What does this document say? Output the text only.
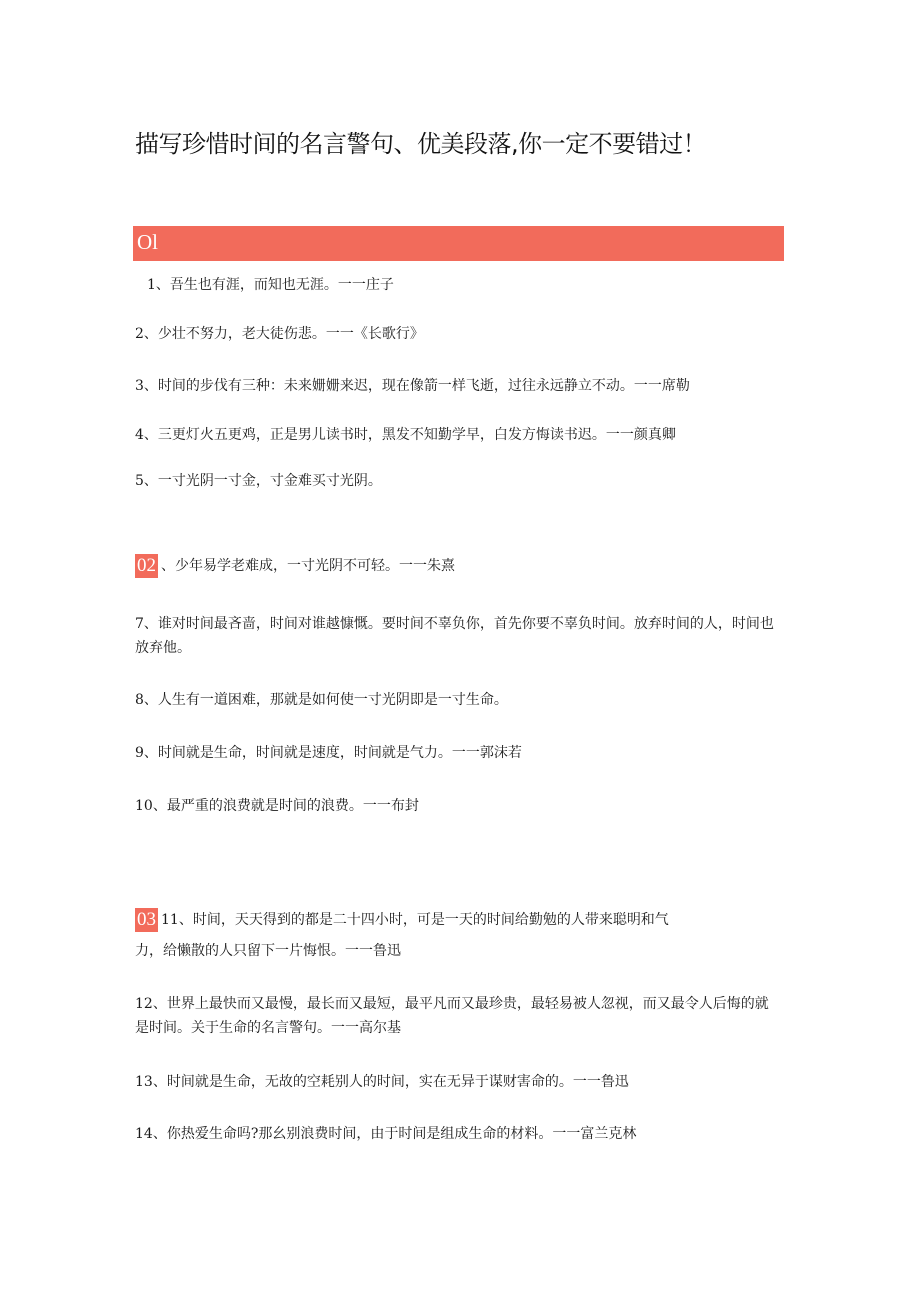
描写珍惜时间的名言警句、优美段落,你一定不要错过！
Ol
1、吾生也有涯，而知也无涯。一一庄子
2、少壮不努力，老大徒伤悲。一一《长歌行》
3、时间的步伐有三种：未来姗姗来迟，现在像箭一样飞逝，过往永远静立不动。一一席勒
4、三更灯火五更鸡，正是男儿读书时，黑发不知勤学早，白发方悔读书迟。一一颜真卿
5、一寸光阴一寸金，寸金难买寸光阴。
02 、少年易学老难成，一寸光阴不可轻。一一朱熹
7、谁对时间最吝啬，时间对谁越慷慨。要时间不辜负你，首先你要不辜负时间。放弃时间的人，时间也放弃他。
8、人生有一道困难，那就是如何使一寸光阴即是一寸生命。
9、时间就是生命，时间就是速度，时间就是气力。一一郭沫若
10、最严重的浪费就是时间的浪费。一一布封
03 11、时间，天天得到的都是二十四小时，可是一天的时间给勤勉的人带来聪明和气
力，给懒散的人只留下一片悔恨。一一鲁迅
12、世界上最快而又最慢，最长而又最短，最平凡而又最珍贵，最轻易被人忽视，而又最令人后悔的就是时间。关于生命的名言警句。一一高尔基
13、时间就是生命，无故的空耗别人的时间，实在无异于谋财害命的。一一鲁迅
14、你热爱生命吗?那幺别浪费时间，由于时间是组成生命的材料。一一富兰克林
